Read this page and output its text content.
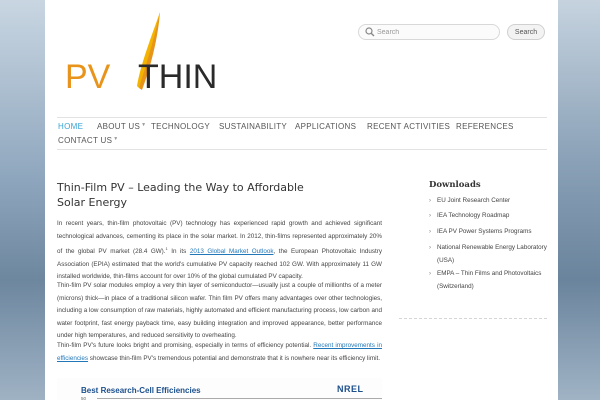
PV THIN
Search
Search
HOME ABOUT US▼ TECHNOLOGY SUSTAINABILITY APPLICATIONS RECENT ACTIVITIES REFERENCES
CONTACT US▼
Thin-Film PV – Leading the Way to Affordable
Solar Energy
In recent years, thin-film photovoltaic (PV) technology has experienced rapid growth and achieved significant technological advances, cementing its place in the solar market. In 2012, thin-films represented approximately 20% of the global PV market (28.4 GW).$^1$ In its 2013 Global Market Outlook, the European Photovoltaic Industry Association (EPIA) estimated that the world's cumulative PV capacity reached 102 GW. With approximately 11 GW installed worldwide, thin-films account for over 10% of the global cumulated PV capacity.
Thin-film PV solar modules employ a very thin layer of semiconductor—usually just a couple of millionths of a meter (microns) thick—in place of a traditional silicon wafer. Thin film PV offers many advantages over other technologies, including a low consumption of raw materials, highly automated and efficient manufacturing process, low carbon and water footprint, fast energy payback time, easy building integration and improved appearance, better performance under high temperatures, and reduced sensitivity to overheating.
Thin-film PV's future looks bright and promising, especially in terms of efficiency potential. Recent improvements in efficiencies showcase thin-film PV's tremendous potential and demonstrate that it is nowhere near its efficiency limit.
Best Research-Cell Efficiencies	NREL
50
Downloads
› EU Joint Research Center
› IEA Technology Roadmap
› IEA PV Power Systems Programs
› National Renewable Energy Laboratory (USA)
› EMPA – Thin Films and Photovoltaics (Switzerland)
